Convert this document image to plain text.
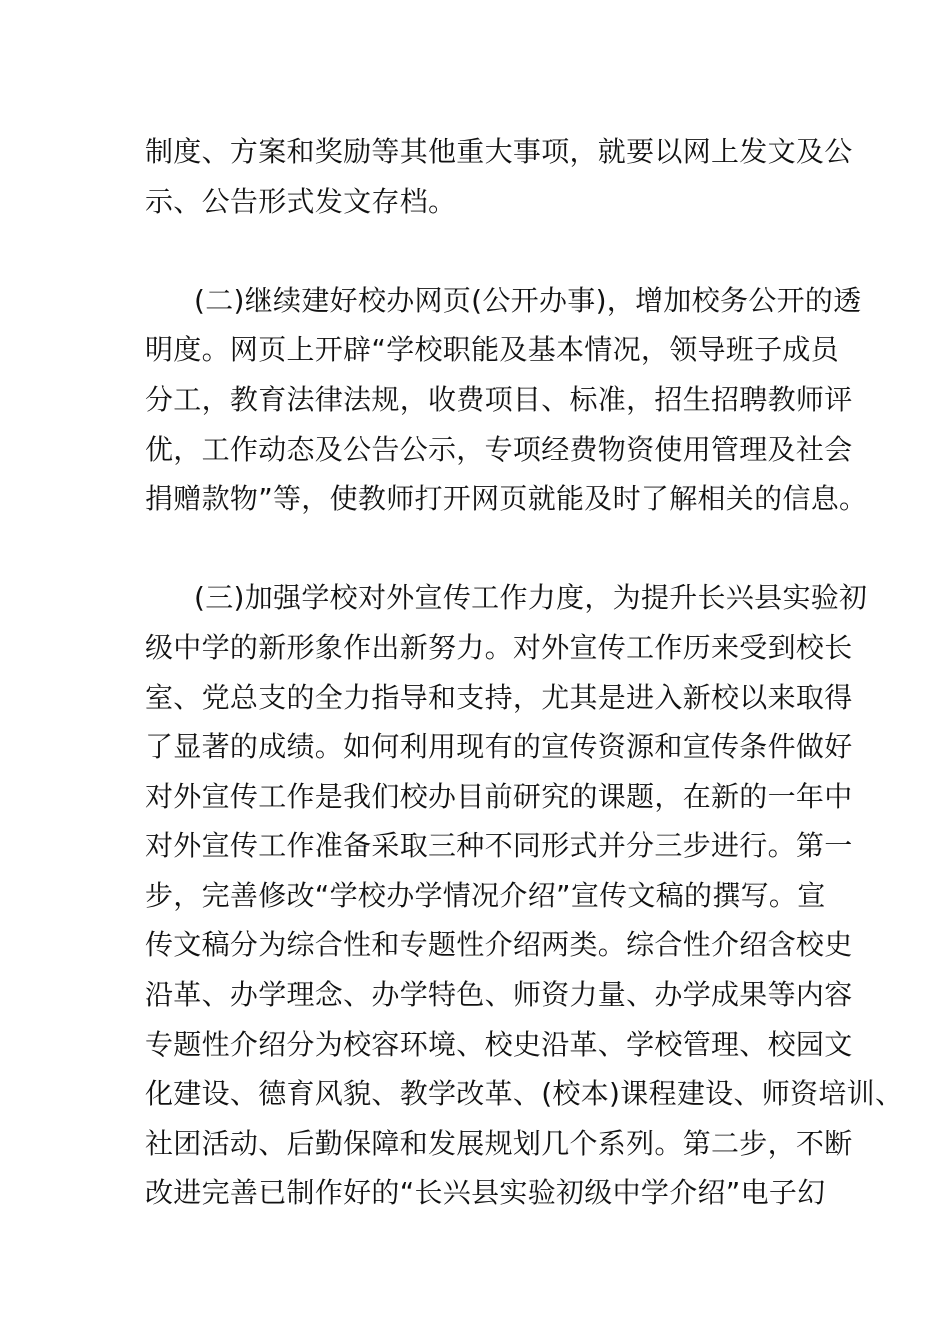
制度、方案和奖励等其他重大事项，就要以网上发文及公
示、公告形式发文存档。
(二)继续建好校办网页(公开办事)，增加校务公开的透
明度。网页上开辟“学校职能及基本情况，领导班子成员
分工，教育法律法规，收费项目、标准，招生招聘教师评
优，工作动态及公告公示，专项经费物资使用管理及社会
捐赠款物”等，使教师打开网页就能及时了解相关的信息。
(三)加强学校对外宣传工作力度，为提升长兴县实验初
级中学的新形象作出新努力。对外宣传工作历来受到校长
室、党总支的全力指导和支持，尤其是进入新校以来取得
了显著的成绩。如何利用现有的宣传资源和宣传条件做好
对外宣传工作是我们校办目前研究的课题，在新的一年中
对外宣传工作准备采取三种不同形式并分三步进行。第一
步，完善修改“学校办学情况介绍”宣传文稿的撰写。宣
传文稿分为综合性和专题性介绍两类。综合性介绍含校史
沿革、办学理念、办学特色、师资力量、办学成果等内容
专题性介绍分为校容环境、校史沿革、学校管理、校园文
化建设、德育风貌、教学改革、(校本)课程建设、师资培训、
社团活动、后勤保障和发展规划几个系列。第二步，不断
改进完善已制作好的“长兴县实验初级中学介绍”电子幻
